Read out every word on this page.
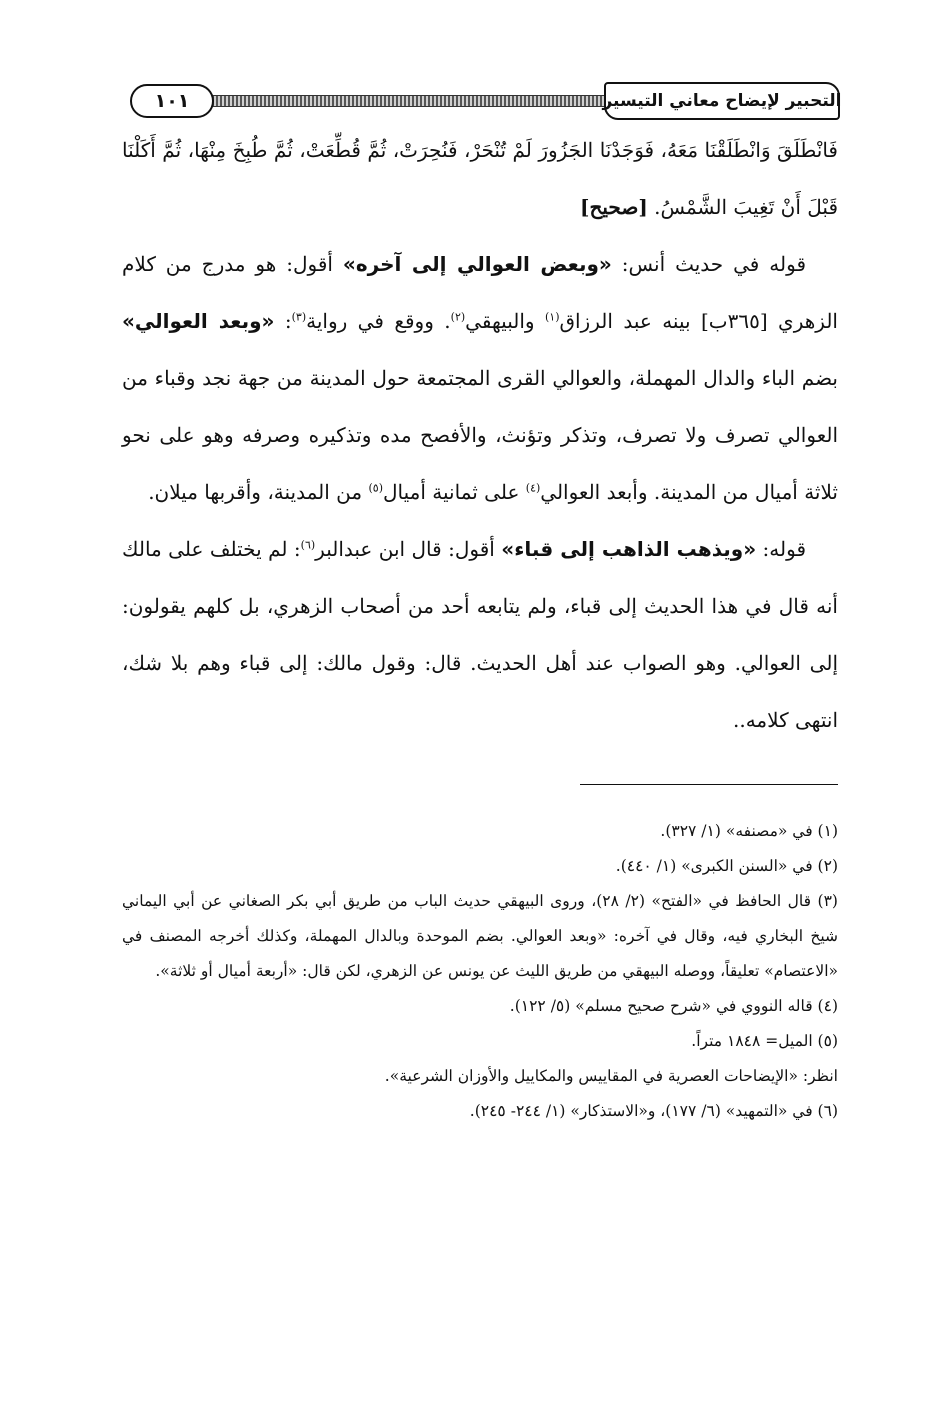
١٠١	التحبير لإيضاح معاني التيسير

فَانْطَلَقَ وَانْطَلَقْنَا مَعَهُ، فَوَجَدْنَا الجَزُورَ لَمْ تُنْحَرْ، فَنُحِرَتْ، ثُمَّ قُطِّعَتْ، ثُمَّ طُبِخَ مِنْهَا، ثُمَّ أَكَلْنَا قَبْلَ أَنْ تَغِيبَ الشَّمْسُ. [صحيح]

قوله في حديث أنس: «وبعض العوالي إلى آخره» أقول: هو مدرج من كلام الزهري [٣٦٥ب] بينه عبد الرزاق$^{(١)}$ والبيهقي$^{(٢)}$. ووقع في رواية$^{(٣)}$: «وبعد العوالي» بضم الباء والدال المهملة، والعوالي القرى المجتمعة حول المدينة من جهة نجد وقباء من العوالي تصرف ولا تصرف، وتذكر وتؤنث، والأفصح مده وتذكيره وصرفه وهو على نحو ثلاثة أميال من المدينة. وأبعد العوالي$^{(٤)}$ على ثمانية أميال$^{(٥)}$ من المدينة، وأقربها ميلان.

قوله: «ويذهب الذاهب إلى قباء» أقول: قال ابن عبدالبر$^{(٦)}$: لم يختلف على مالك أنه قال في هذا الحديث إلى قباء، ولم يتابعه أحد من أصحاب الزهري، بل كلهم يقولون: إلى العوالي. وهو الصواب عند أهل الحديث. قال: وقول مالك: إلى قباء وهم بلا شك، انتهى كلامه..

(١) في «مصنفه» (١/ ٣٢٧).

(٢) في «السنن الكبرى» (١/ ٤٤٠).

(٣) قال الحافظ في «الفتح» (٢/ ٢٨)، وروى البيهقي حديث الباب من طريق أبي بكر الصغاني عن أبي اليماني شيخ البخاري فيه، وقال في آخره: «وبعد العوالي. بضم الموحدة وبالدال المهملة، وكذلك أخرجه المصنف في «الاعتصام» تعليقاً، ووصله البيهقي من طريق الليث عن يونس عن الزهري، لكن قال: «أربعة أميال أو ثلاثة».

(٤) قاله النووي في «شرح صحيح مسلم» (٥/ ١٢٢).

(٥) الميل= ١٨٤٨ متراً.

انظر: «الإيضاحات العصرية في المقاييس والمكاييل والأوزان الشرعية».

(٦) في «التمهيد» (٦/ ١٧٧)، و«الاستذكار» (١/ ٢٤٤- ٢٤٥).
